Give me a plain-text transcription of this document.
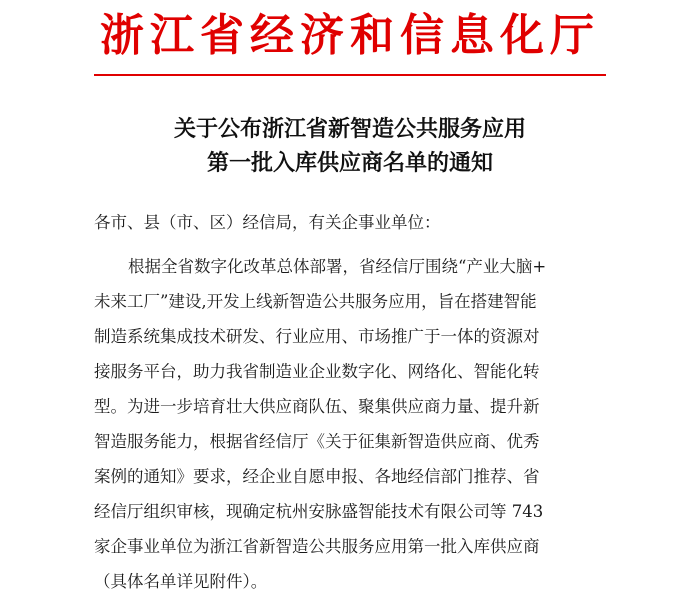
浙江省经济和信息化厅
关于公布浙江省新智造公共服务应用
第一批入库供应商名单的通知
各市、县（市、区）经信局，有关企事业单位：
根据全省数字化改革总体部署，省经信厅围绕“产业大脑+
未来工厂”建设,开发上线新智造公共服务应用，旨在搭建智能
制造系统集成技术研发、行业应用、市场推广于一体的资源对
接服务平台，助力我省制造业企业数字化、网络化、智能化转
型。为进一步培育壮大供应商队伍、聚集供应商力量、提升新
智造服务能力，根据省经信厅《关于征集新智造供应商、优秀
案例的通知》要求，经企业自愿申报、各地经信部门推荐、省
经信厅组织审核，现确定杭州安脉盛智能技术有限公司等 743
家企事业单位为浙江省新智造公共服务应用第一批入库供应商
（具体名单详见附件）。
